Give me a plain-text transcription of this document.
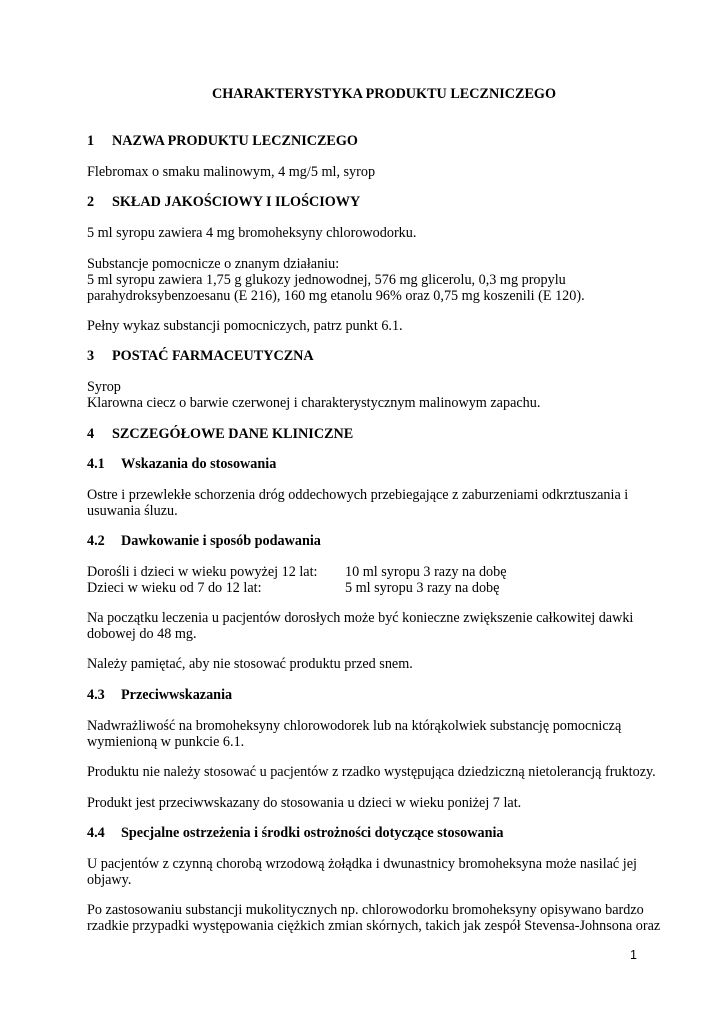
CHARAKTERYSTYKA PRODUKTU LECZNICZEGO
1 NAZWA PRODUKTU LECZNICZEGO
Flebromax o smaku malinowym, 4 mg/5 ml, syrop
2 SKŁAD JAKOŚCIOWY I ILOŚCIOWY
5 ml syropu zawiera 4 mg bromoheksyny chlorowodorku.
Substancje pomocnicze o znanym działaniu:
5 ml syropu zawiera 1,75 g glukozy jednowodnej, 576 mg glicerolu, 0,3 mg propylu
parahydroksybenzoesanu (E 216), 160 mg etanolu 96% oraz 0,75 mg koszenili (E 120).
Pełny wykaz substancji pomocniczych, patrz punkt 6.1.
3 POSTAĆ FARMACEUTYCZNA
Syrop
Klarowna ciecz o barwie czerwonej i charakterystycznym malinowym zapachu.
4 SZCZEGÓŁOWE DANE KLINICZNE
4.1 Wskazania do stosowania
Ostre i przewlekłe schorzenia dróg oddechowych przebiegające z zaburzeniami odkrztuszania i
usuwania śluzu.
4.2 Dawkowanie i sposób podawania
Dorośli i dzieci w wieku powyżej 12 lat: 10 ml syropu 3 razy na dobę
Dzieci w wieku od 7 do 12 lat:	5 ml syropu 3 razy na dobę
Na początku leczenia u pacjentów dorosłych może być konieczne zwiększenie całkowitej dawki
dobowej do 48 mg.
Należy pamiętać, aby nie stosować produktu przed snem.
4.3 Przeciwwskazania
Nadwrażliwość na bromoheksyny chlorowodorek lub na którąkolwiek substancję pomocniczą
wymienioną w punkcie 6.1.
Produktu nie należy stosować u pacjentów z rzadko występująca dziedziczną nietolerancją fruktozy.
Produkt jest przeciwwskazany do stosowania u dzieci w wieku poniżej 7 lat.
4.4 Specjalne ostrzeżenia i środki ostrożności dotyczące stosowania
U pacjentów z czynną chorobą wrzodową żołądka i dwunastnicy bromoheksyna może nasilać jej
objawy.
Po zastosowaniu substancji mukolitycznych np. chlorowodorku bromoheksyny opisywano bardzo
rzadkie przypadki występowania ciężkich zmian skórnych, takich jak zespół Stevensa-Johnsona oraz
1
